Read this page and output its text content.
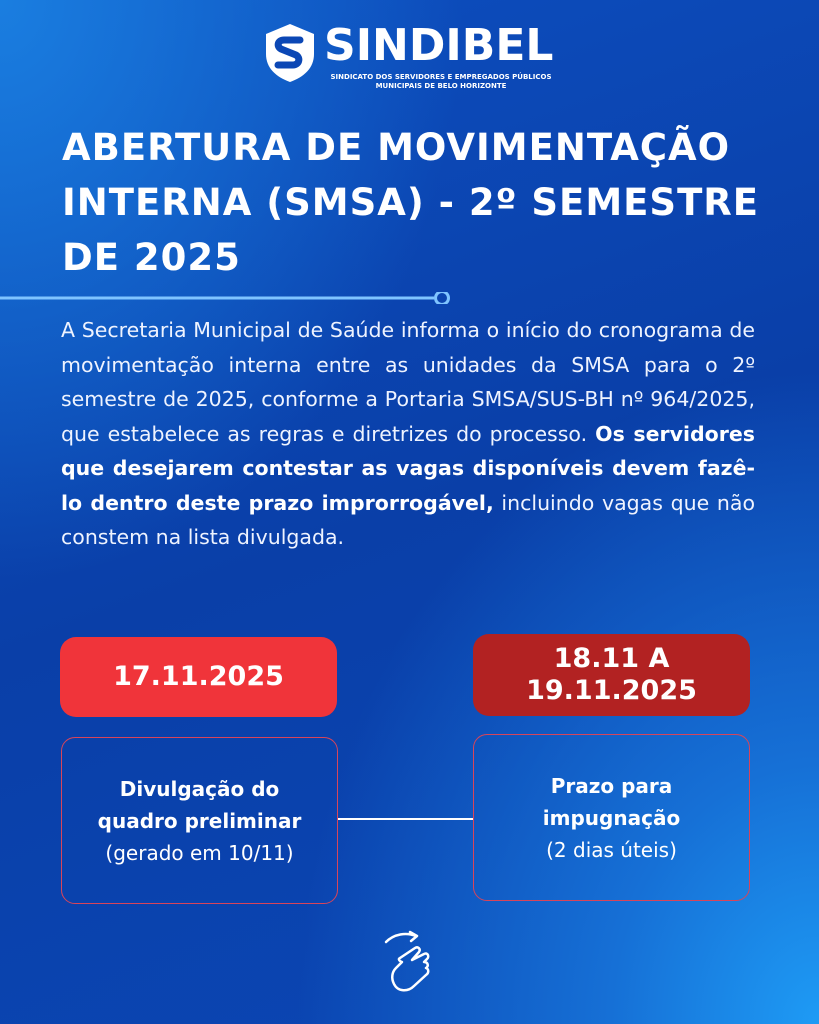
SINDIBEL
SINDICATO DOS SERVIDORES E EMPREGADOS PÚBLICOS
MUNICIPAIS DE BELO HORIZONTE
ABERTURA DE MOVIMENTAÇÃO
INTERNA (SMSA) - 2º SEMESTRE
DE 2025
A Secretaria Municipal de Saúde informa o início do cronograma de movimentação interna entre as unidades da SMSA para o 2º semestre de 2025, conforme a Portaria SMSA/SUS-BH nº 964/2025, que estabelece as regras e diretrizes do processo. Os servidores que desejarem contestar as vagas disponíveis devem fazê-lo dentro deste prazo improrrogável, incluindo vagas que não constem na lista divulgada.
17.11.2025
18.11 A
19.11.2025
Divulgação do
quadro preliminar
(gerado em 10/11)
Prazo para
impugnação
(2 dias úteis)
